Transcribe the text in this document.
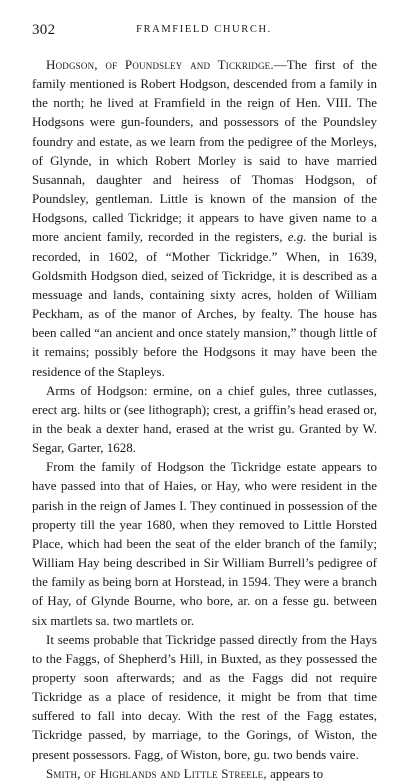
302	FRAMFIELD CHURCH.

Hodgson, of Poundsley and Tickridge.—The first of the family mentioned is Robert Hodgson, descended from a family in the north; he lived at Framfield in the reign of Hen. VIII. The Hodgsons were gun-founders, and possessors of the Poundsley foundry and estate, as we learn from the pedigree of the Morleys, of Glynde, in which Robert Morley is said to have married Susannah, daughter and heiress of Thomas Hodgson, of Poundsley, gentleman. Little is known of the mansion of the Hodgsons, called Tickridge; it appears to have given name to a more ancient family, recorded in the registers, e.g. the burial is recorded, in 1602, of “Mother Tickridge.” When, in 1639, Goldsmith Hodgson died, seized of Tickridge, it is described as a messuage and lands, containing sixty acres, holden of William Peckham, as of the manor of Arches, by fealty. The house has been called “an ancient and once stately mansion,” though little of it remains; possibly before the Hodgsons it may have been the residence of the Stapleys.

Arms of Hodgson: ermine, on a chief gules, three cutlasses, erect arg. hilts or (see lithograph); crest, a griffin’s head erased or, in the beak a dexter hand, erased at the wrist gu. Granted by W. Segar, Garter, 1628.

From the family of Hodgson the Tickridge estate appears to have passed into that of Haies, or Hay, who were resident in the parish in the reign of James I. They continued in possession of the property till the year 1680, when they removed to Little Horsted Place, which had been the seat of the elder branch of the family; William Hay being described in Sir William Burrell’s pedigree of the family as being born at Horstead, in 1594. They were a branch of Hay, of Glynde Bourne, who bore, ar. on a fesse gu. between six martlets sa. two martlets or.

It seems probable that Tickridge passed directly from the Hays to the Faggs, of Shepherd’s Hill, in Buxted, as they possessed the property soon afterwards; and as the Faggs did not require Tickridge as a place of residence, it might be from that time suffered to fall into decay. With the rest of the Fagg estates, Tickridge passed, by marriage, to the Gorings, of Wiston, the present possessors. Fagg, of Wiston, bore, gu. two bends vaire.

Smith, of Highlands and Little Streele, appears to
